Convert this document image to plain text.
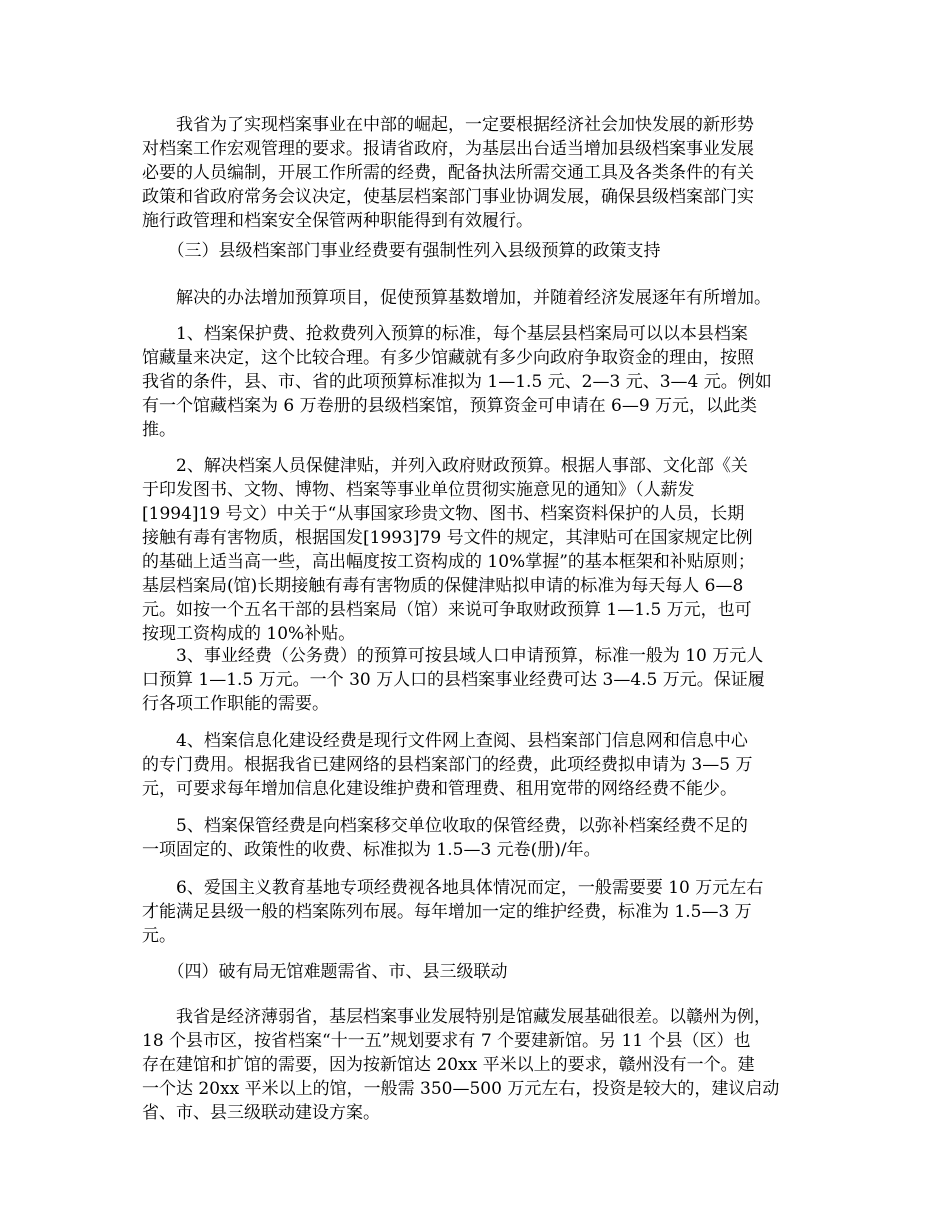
　　我省为了实现档案事业在中部的崛起，一定要根据经济社会加快发展的新形势
对档案工作宏观管理的要求。报请省政府，为基层出台适当增加县级档案事业发展
必要的人员编制，开展工作所需的经费，配备执法所需交通工具及各类条件的有关
政策和省政府常务会议决定，使基层档案部门事业协调发展，确保县级档案部门实
施行政管理和档案安全保管两种职能得到有效履行。
　　（三）县级档案部门事业经费要有强制性列入县级预算的政策支持
　　解决的办法增加预算项目，促使预算基数增加，并随着经济发展逐年有所增加。
　　1、档案保护费、抢救费列入预算的标准，每个基层县档案局可以以本县档案
馆藏量来决定，这个比较合理。有多少馆藏就有多少向政府争取资金的理由，按照
我省的条件，县、市、省的此项预算标准拟为 1—1.5 元、2—3 元、3—4 元。例如
有一个馆藏档案为 6 万卷册的县级档案馆，预算资金可申请在 6—9 万元，以此类
推。
　　2、解决档案人员保健津贴，并列入政府财政预算。根据人事部、文化部《关
于印发图书、文物、博物、档案等事业单位贯彻实施意见的通知》（人薪发
[1994]19 号文）中关于“从事国家珍贵文物、图书、档案资料保护的人员，长期
接触有毒有害物质，根据国发[1993]79 号文件的规定，其津贴可在国家规定比例
的基础上适当高一些，高出幅度按工资构成的 10%掌握”的基本框架和补贴原则；
基层档案局(馆)长期接触有毒有害物质的保健津贴拟申请的标准为每天每人 6—8
元。如按一个五名干部的县档案局（馆）来说可争取财政预算 1—1.5 万元，也可
按现工资构成的 10%补贴。
　　3、事业经费（公务费）的预算可按县域人口申请预算，标准一般为 10 万元人
口预算 1—1.5 万元。一个 30 万人口的县档案事业经费可达 3—4.5 万元。保证履
行各项工作职能的需要。
　　4、档案信息化建设经费是现行文件网上查阅、县档案部门信息网和信息中心
的专门费用。根据我省已建网络的县档案部门的经费，此项经费拟申请为 3—5 万
元，可要求每年增加信息化建设维护费和管理费、租用宽带的网络经费不能少。
　　5、档案保管经费是向档案移交单位收取的保管经费，以弥补档案经费不足的
一项固定的、政策性的收费、标准拟为 1.5—3 元卷(册)/年。
　　6、爱国主义教育基地专项经费视各地具体情况而定，一般需要要 10 万元左右
才能满足县级一般的档案陈列布展。每年增加一定的维护经费，标准为 1.5—3 万
元。
　　（四）破有局无馆难题需省、市、县三级联动
　　我省是经济薄弱省，基层档案事业发展特别是馆藏发展基础很差。以赣州为例，
18 个县市区，按省档案“十一五”规划要求有 7 个要建新馆。另 11 个县（区）也
存在建馆和扩馆的需要，因为按新馆达 20xx 平米以上的要求，赣州没有一个。建
一个达 20xx 平米以上的馆，一般需 350—500 万元左右，投资是较大的，建议启动
省、市、县三级联动建设方案。
